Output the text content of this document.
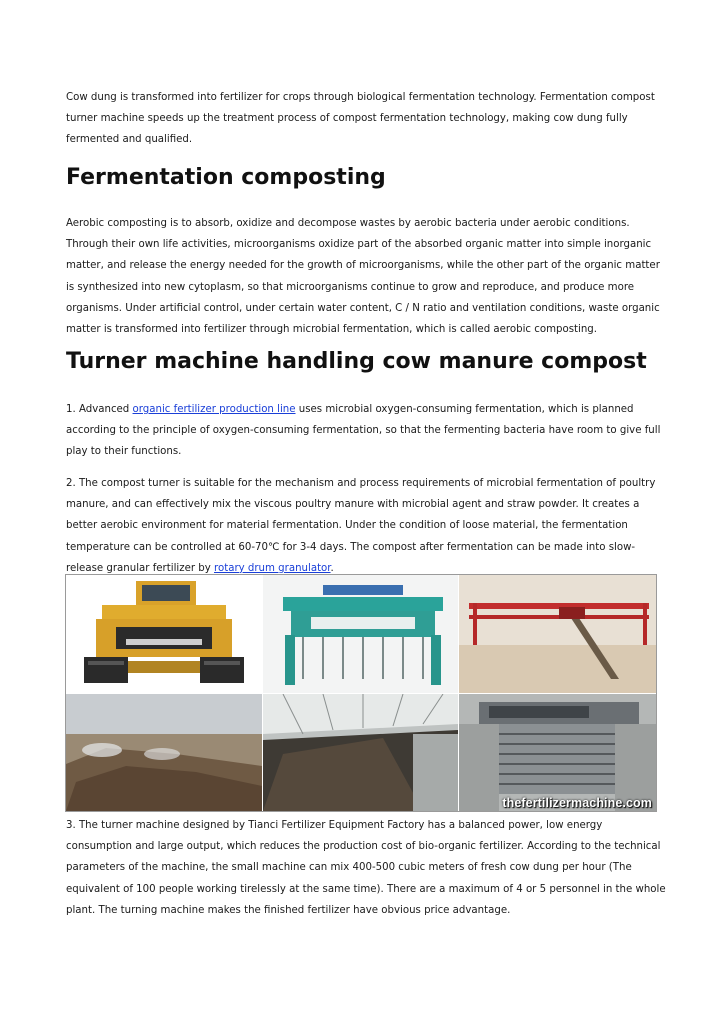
Cow dung is transformed into fertilizer for crops through biological fermentation technology. Fermentation compost turner machine speeds up the treatment process of compost fermentation technology, making cow dung fully fermented and qualified.

Fermentation composting

Aerobic composting is to absorb, oxidize and decompose wastes by aerobic bacteria under aerobic conditions. Through their own life activities, microorganisms oxidize part of the absorbed organic matter into simple inorganic matter, and release the energy needed for the growth of microorganisms, while the other part of the organic matter is synthesized into new cytoplasm, so that microorganisms continue to grow and reproduce, and produce more organisms. Under artificial control, under certain water content, C / N ratio and ventilation conditions, waste organic matter is transformed into fertilizer through microbial fermentation, which is called aerobic composting.

Turner machine handling cow manure compost

1. Advanced organic fertilizer production line uses microbial oxygen-consuming fermentation, which is planned according to the principle of oxygen-consuming fermentation, so that the fermenting bacteria have room to give full play to their functions.

2. The compost turner is suitable for the mechanism and process requirements of microbial fermentation of poultry manure, and can effectively mix the viscous poultry manure with microbial agent and straw powder. It creates a better aerobic environment for material fermentation. Under the condition of loose material, the fermentation temperature can be controlled at 60-70℃ for 3-4 days. The compost after fermentation can be made into slow-release granular fertilizer by rotary drum granulator.

thefertilizermachine.com

3. The turner machine designed by Tianci Fertilizer Equipment Factory has a balanced power, low energy consumption and large output, which reduces the production cost of bio-organic fertilizer. According to the technical parameters of the machine, the small machine can mix 400-500 cubic meters of fresh cow dung per hour (The equivalent of 100 people working tirelessly at the same time). There are a maximum of 4 or 5 personnel in the whole plant. The turning machine makes the finished fertilizer have obvious price advantage.
